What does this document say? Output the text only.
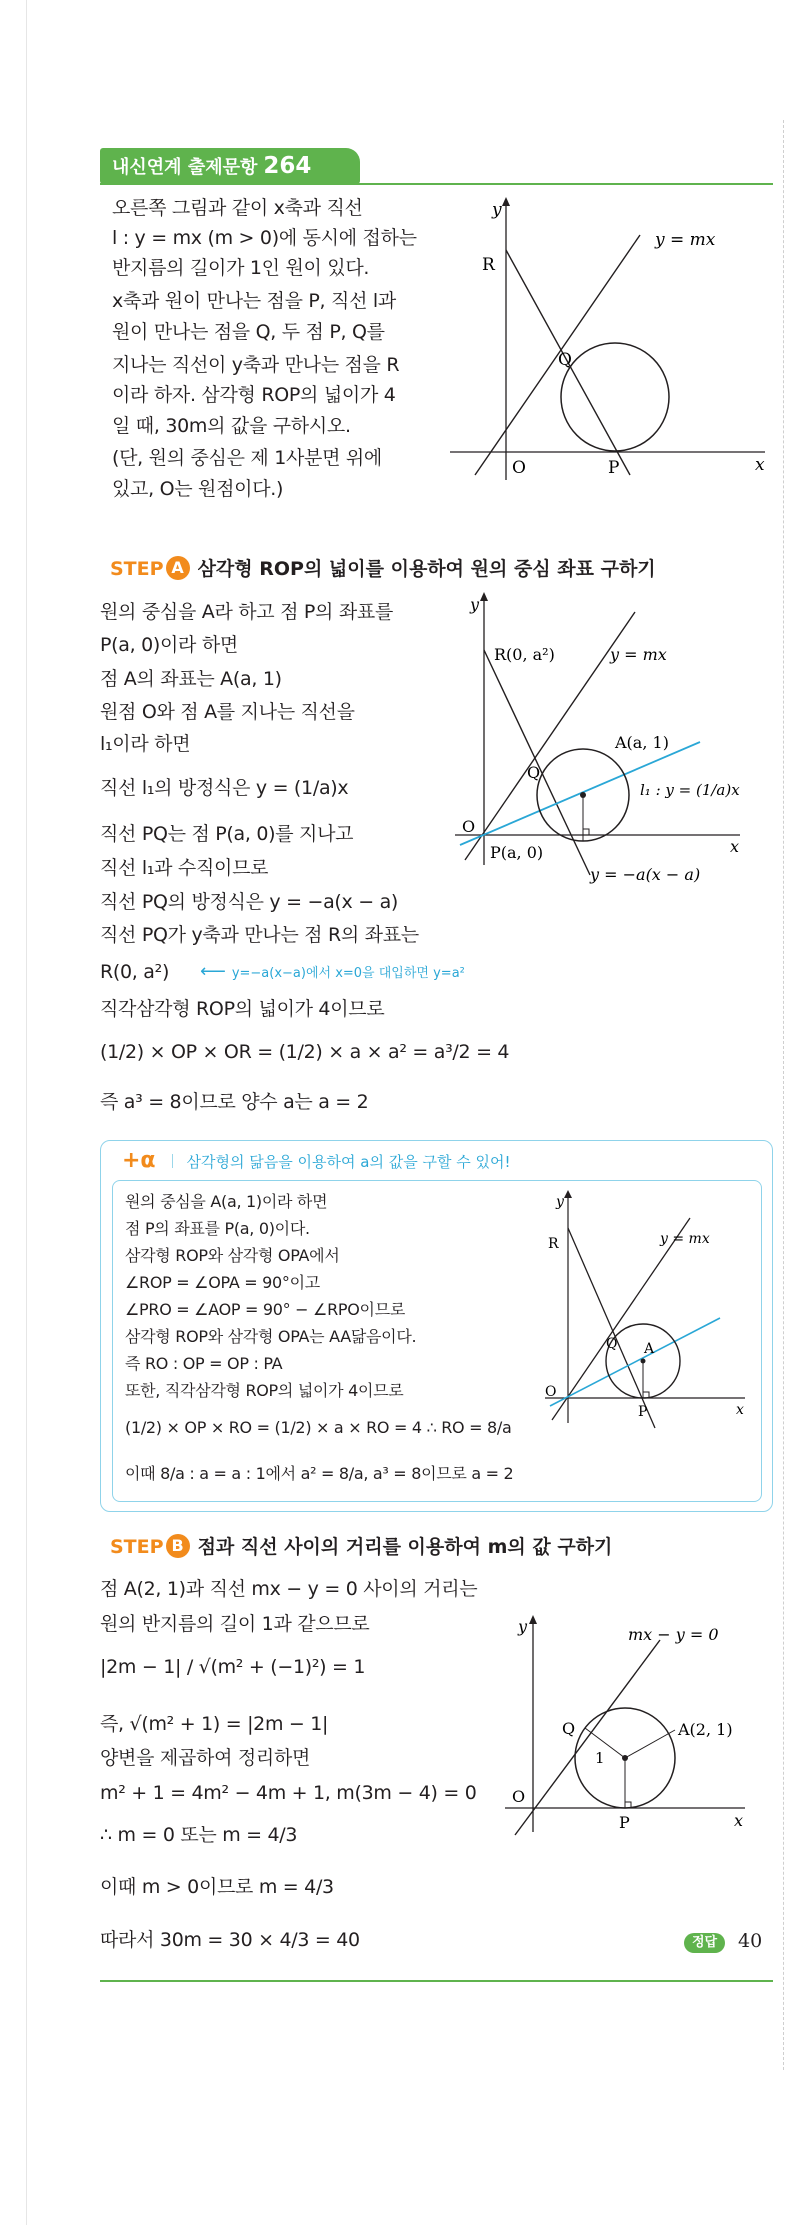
내신연계 출제문항 264
오른쪽 그림과 같이 x축과 직선
l : y = mx (m > 0)에 동시에 접하는
반지름의 길이가 1인 원이 있다.
x축과 원이 만나는 점을 P, 직선 l과
원이 만나는 점을 Q, 두 점 P, Q를
지나는 직선이 y축과 만나는 점을 R
이라 하자. 삼각형 ROP의 넓이가 4
일 때, 30m의 값을 구하시오.
(단, 원의 중심은 제 1사분면 위에
있고, O는 원점이다.)
y
x
y = mx
R
Q
O	P
STEP A 삼각형 ROP의 넓이를 이용하여 원의 중심 좌표 구하기
원의 중심을 A라 하고 점 P의 좌표를
P(a, 0)이라 하면
점 A의 좌표는 A(a, 1)
원점 O와 점 A를 지나는 직선을
l₁이라 하면
직선 l₁의 방정식은 y = (1/a)x
직선 PQ는 점 P(a, 0)를 지나고
직선 l₁과 수직이므로
직선 PQ의 방정식은 y = −a(x − a)
직선 PQ가 y축과 만나는 점 R의 좌표는
R(0, a²) ⟵ y=−a(x−a)에서 x=0을 대입하면 y=a²
직각삼각형 ROP의 넓이가 4이므로
(1/2) × OP × OR = (1/2) × a × a² = a³/2 = 4
즉 a³ = 8이므로 양수 a는 a = 2
y
x
R(0, a²)	y = mx
A(a, 1)
l₁ : y = (1/a)x
Q
O
P(a, 0)
y = −a(x − a)
+α 삼각형의 닮음을 이용하여 a의 값을 구할 수 있어!
원의 중심을 A(a, 1)이라 하면
점 P의 좌표를 P(a, 0)이다.
삼각형 ROP와 삼각형 OPA에서
∠ROP = ∠OPA = 90°이고
∠PRO = ∠AOP = 90° − ∠RPO이므로
삼각형 ROP와 삼각형 OPA는 AA닮음이다.
즉 RO : OP = OP : PA
또한, 직각삼각형 ROP의 넓이가 4이므로
(1/2) × OP × RO = (1/2) × a × RO = 4 ∴ RO = 8/a
이때 8/a : a = a : 1에서 a² = 8/a, a³ = 8이므로 a = 2
y
x
R	y = mx
Q A
O
P
STEP B 점과 직선 사이의 거리를 이용하여 m의 값 구하기
점 A(2, 1)과 직선 mx − y = 0 사이의 거리는
원의 반지름의 길이 1과 같으므로
|2m − 1| / √(m² + (−1)²) = 1
즉, √(m² + 1) = |2m − 1|
양변을 제곱하여 정리하면
m² + 1 = 4m² − 4m + 1, m(3m − 4) = 0
∴ m = 0 또는 m = 4/3
이때 m > 0이므로 m = 4/3
따라서 30m = 30 × 4/3 = 40
y
x
mx − y = 0
A(2, 1)
Q
1
O
P
정답	40
